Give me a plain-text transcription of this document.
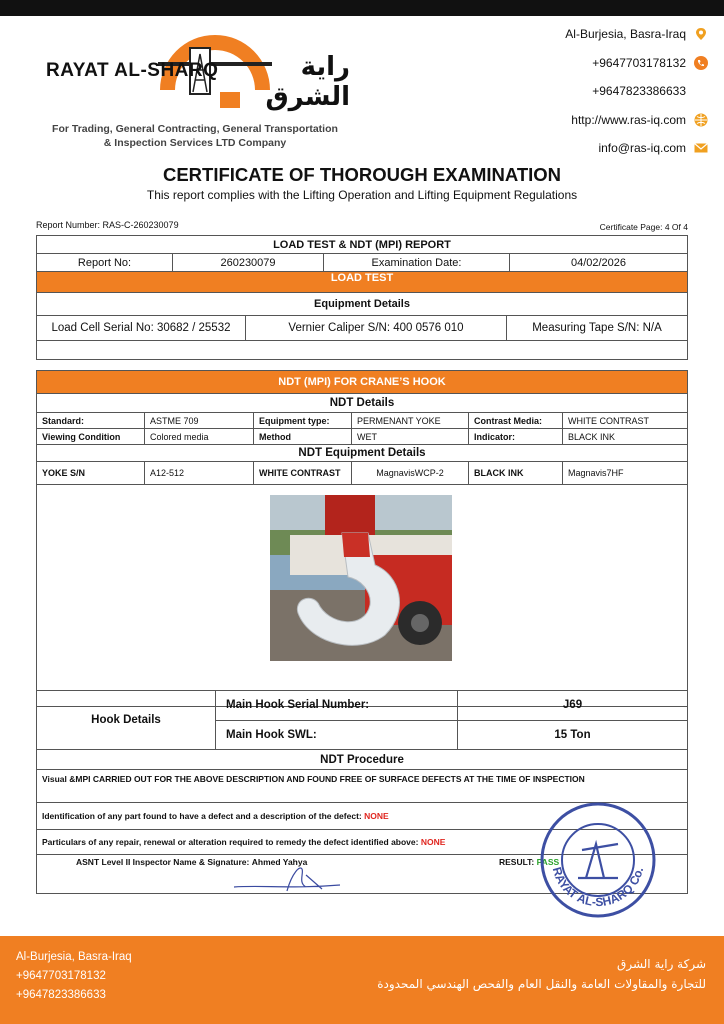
RAYAT AL-SHARQ	راية الشرق
For Trading, General Contracting, General Transportation
& Inspection Services LTD Company
Al-Burjesia, Basra-Iraq
+9647703178132
+9647823386633
http://www.ras-iq.com
info@ras-iq.com
CERTIFICATE OF THOROUGH EXAMINATION
This report complies with the Lifting Operation and Lifting Equipment Regulations
Report Number: RAS-C-260230079	Certificate Page: 4 Of 4
LOAD TEST & NDT (MPI) REPORT
Report No:	260230079	Examination Date:	04/02/2026
LOAD TEST
Equipment Details

Load Cell Serial No: 30682 / 25532	Vernier Caliper S/N: 400 0576 010	Measuring Tape S/N: N/A

NDT (MPI) FOR CRANE’S HOOK					
NDT Details					
Standard:	ASTME 709	Equipment type:	PERMENANT YOKE	Contrast Media:	WHITE CONTRAST
Viewing Condition	Colored media	Method	WET	Indicator:	BLACK INK
NDT Equipment Details					
YOKE S/N	A12-512	WHITE CONTRAST	MagnavisWCP-2	BLACK INK	Magnavis7HF

Hook Details	Main Hook Serial Number:	J69
	Main Hook SWL:	15 Ton
NDT Procedure		
Visual &MPI CARRIED OUT FOR THE ABOVE DESCRIPTION AND FOUND FREE OF SURFACE DEFECTS AT THE TIME OF INSPECTION		
Identification of any part found to have a defect and a description of the defect: NONE		
Particulars of any repair, renewal or alteration required to remedy the defect identified above: NONE		
ASNT Level II Inspector Name & Signature: Ahmed Yahya RESULT: PASS		
RAYAT AL-SHARQ Co.
Al-Burjesia, Basra-Iraq
+9647703178132
+9647823386633
شركة راية الشرق
للتجارة والمقاولات العامة والنقل العام والفحص الهندسي المحدودة
